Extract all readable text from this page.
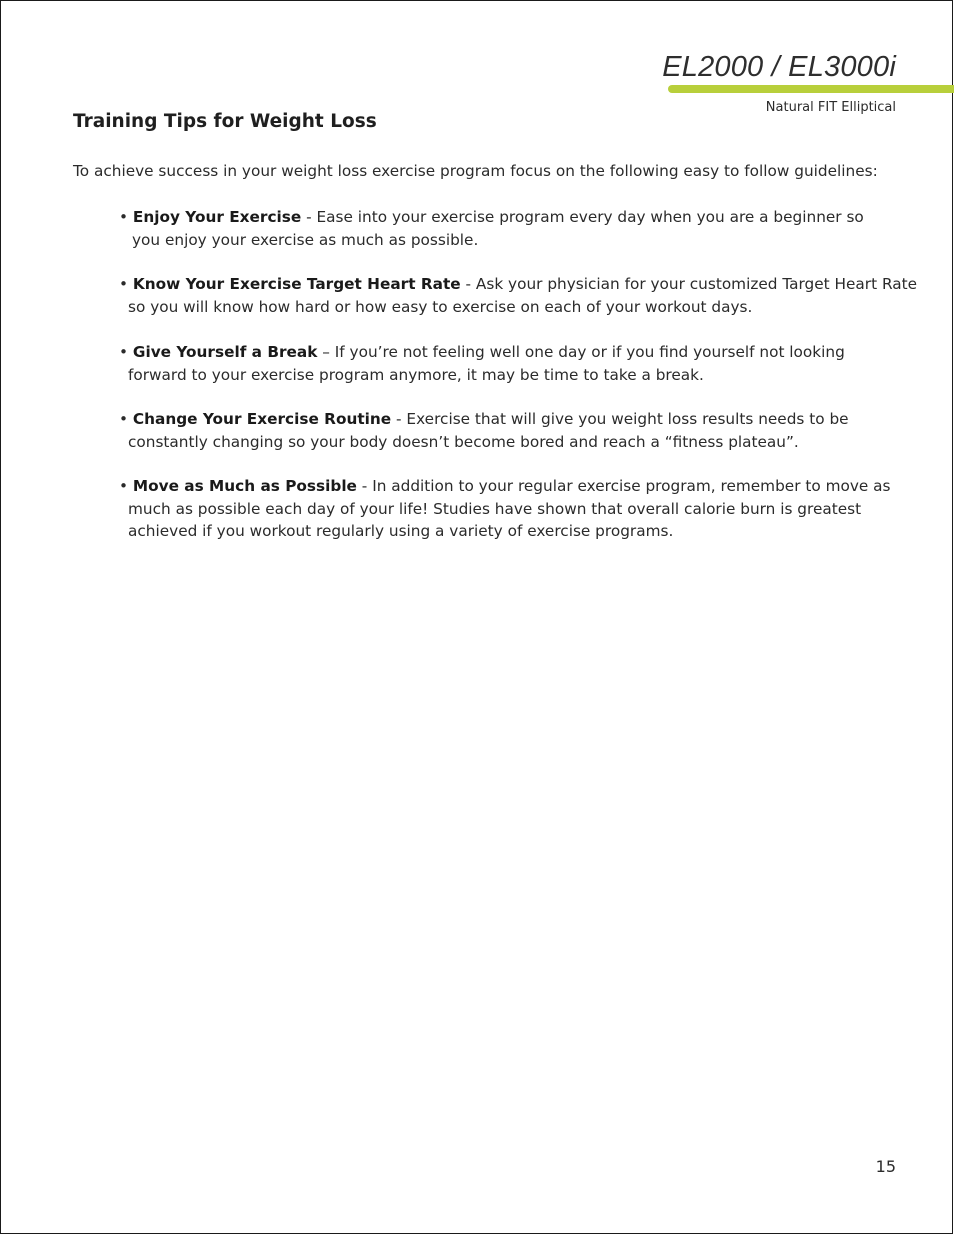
EL2000 / EL3000i
Natural FIT Elliptical
Training Tips for Weight Loss
To achieve success in your weight loss exercise program focus on the following easy to follow guidelines:
• Enjoy Your Exercise - Ease into your exercise program every day when you are a beginner so
you enjoy your exercise as much as possible.
• Know Your Exercise Target Heart Rate - Ask your physician for your customized Target Heart Rate
so you will know how hard or how easy to exercise on each of your workout days.
• Give Yourself a Break – If you’re not feeling well one day or if you find yourself not looking
forward to your exercise program anymore, it may be time to take a break.
• Change Your Exercise Routine - Exercise that will give you weight loss results needs to be
constantly changing so your body doesn’t become bored and reach a “fitness plateau”.
• Move as Much as Possible - In addition to your regular exercise program, remember to move as
much as possible each day of your life! Studies have shown that overall calorie burn is greatest
achieved if you workout regularly using a variety of exercise programs.
15
